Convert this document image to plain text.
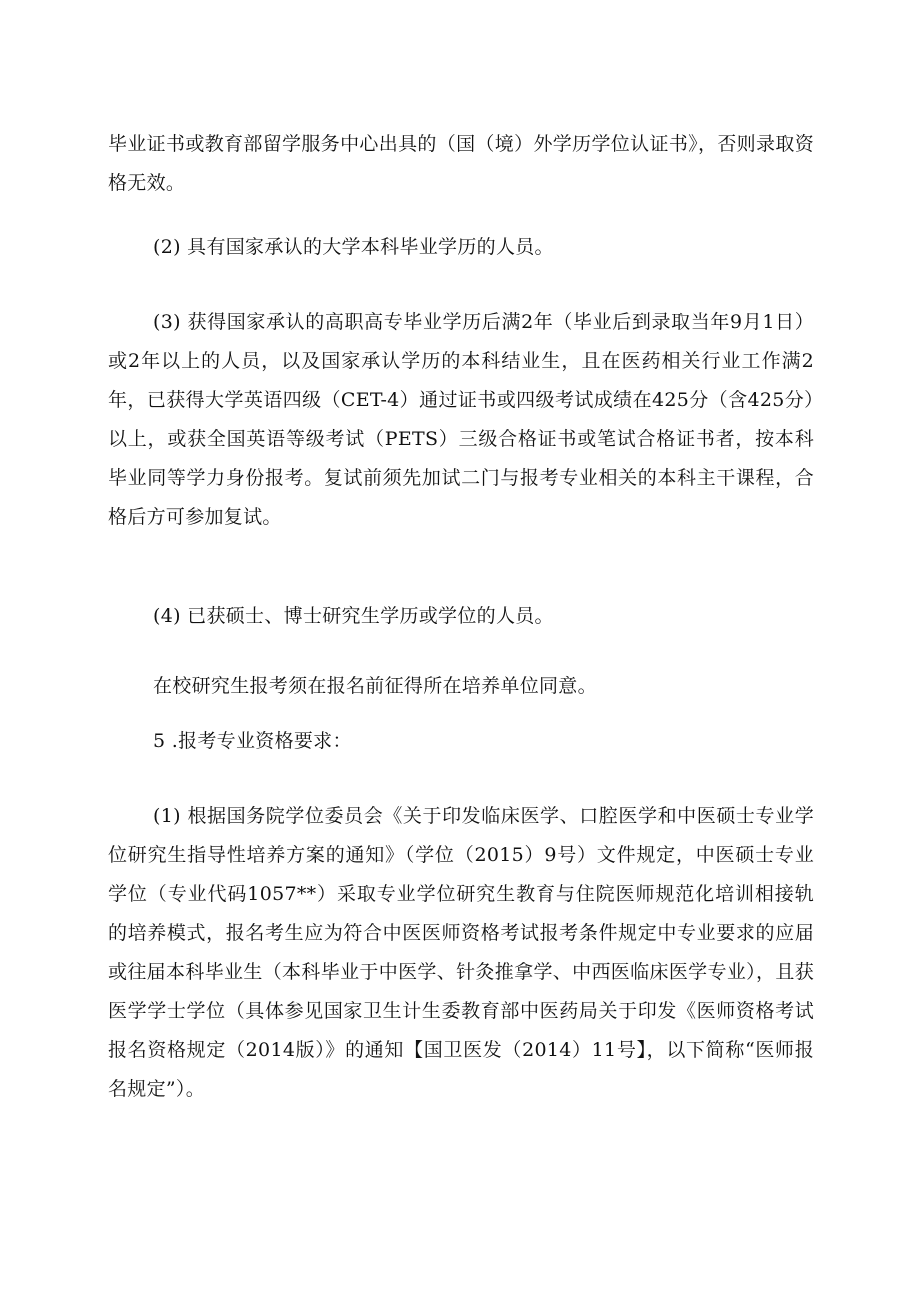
毕业证书或教育部留学服务中心出具的（国（境）外学历学位认证书》，否则录取资格无效。

(2) 具有国家承认的大学本科毕业学历的人员。

(3) 获得国家承认的高职高专毕业学历后满2年（毕业后到录取当年9月1日）或2年以上的人员，以及国家承认学历的本科结业生，且在医药相关行业工作满2年，已获得大学英语四级（CET-4）通过证书或四级考试成绩在425分（含425分）以上，或获全国英语等级考试（PETS）三级合格证书或笔试合格证书者，按本科毕业同等学力身份报考。复试前须先加试二门与报考专业相关的本科主干课程，合格后方可参加复试。

(4) 已获硕士、博士研究生学历或学位的人员。

在校研究生报考须在报名前征得所在培养单位同意。

5 .报考专业资格要求：

(1) 根据国务院学位委员会《关于印发临床医学、口腔医学和中医硕士专业学位研究生指导性培养方案的通知》（学位（2015）9号）文件规定，中医硕士专业学位（专业代码1057**）采取专业学位研究生教育与住院医师规范化培训相接轨的培养模式，报名考生应为符合中医医师资格考试报考条件规定中专业要求的应届或往届本科毕业生（本科毕业于中医学、针灸推拿学、中西医临床医学专业），且获医学学士学位（具体参见国家卫生计生委教育部中医药局关于印发《医师资格考试报名资格规定（2014版）》的通知【国卫医发（2014）11号】，以下简称“医师报名规定”）。
